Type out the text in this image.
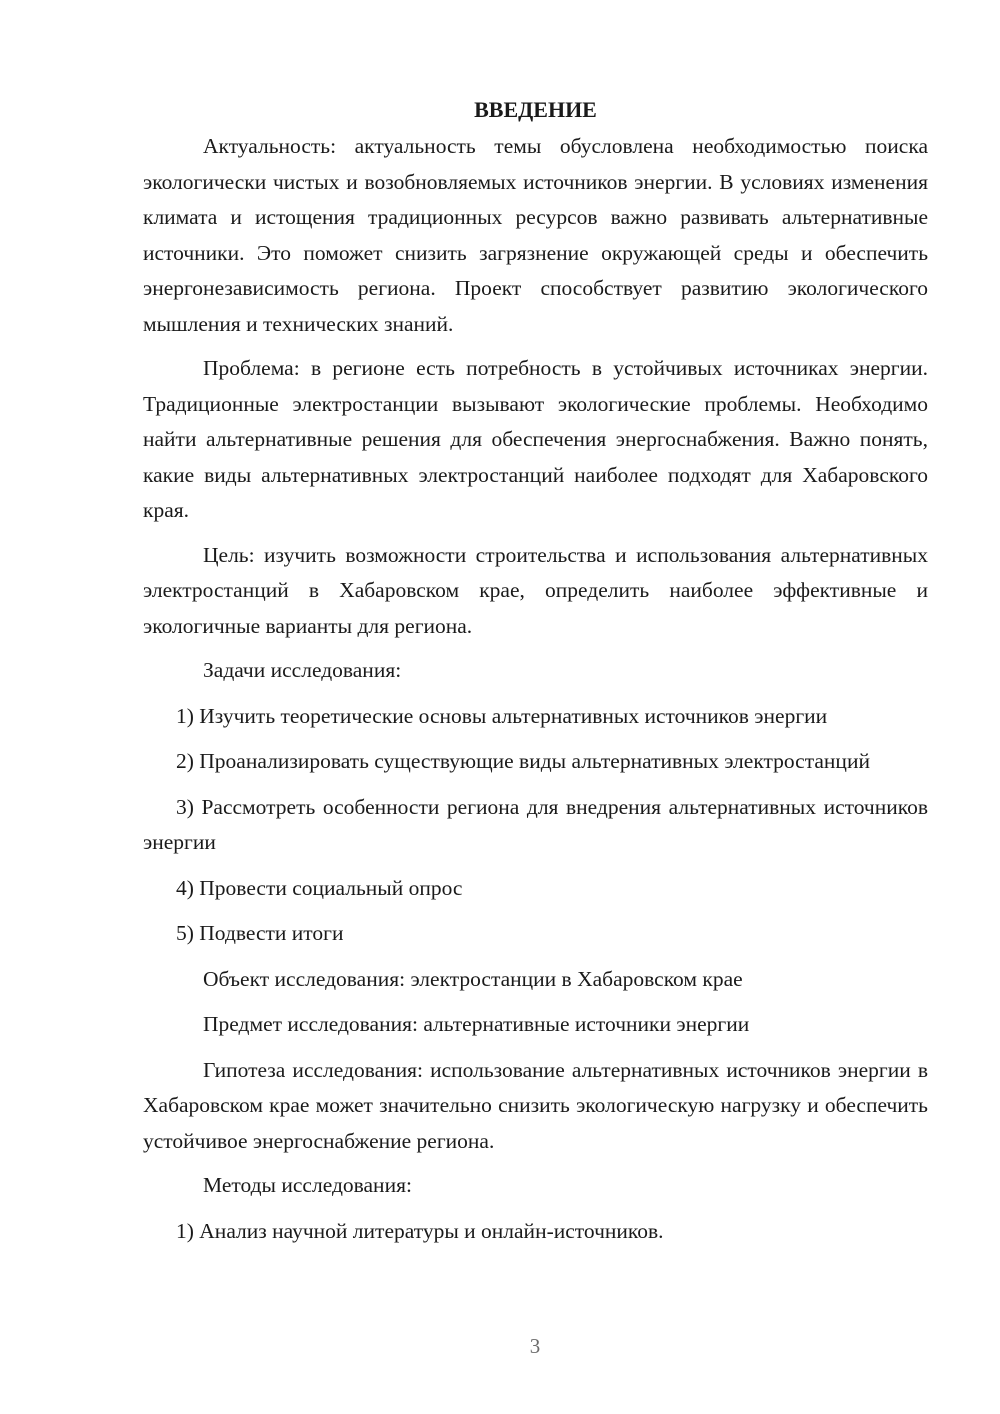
ВВЕДЕНИЕ

Актуальность: актуальность темы обусловлена необходимостью поиска экологически чистых и возобновляемых источников энергии. В условиях изменения климата и истощения традиционных ресурсов важно развивать альтернативные источники. Это поможет снизить загрязнение окружающей среды и обеспечить энергонезависимость региона. Проект способствует развитию экологического мышления и технических знаний.

Проблема: в регионе есть потребность в устойчивых источниках энергии. Традиционные электростанции вызывают экологические проблемы. Необходимо найти альтернативные решения для обеспечения энергоснабжения. Важно понять, какие виды альтернативных электростанций наиболее подходят для Хабаровского края.

Цель: изучить возможности строительства и использования альтернативных электростанций в Хабаровском крае, определить наиболее эффективные и экологичные варианты для региона.

Задачи исследования:

1) Изучить теоретические основы альтернативных источников энергии

2) Проанализировать существующие виды альтернативных электростанций

3) Рассмотреть особенности региона для внедрения альтернативных источников энергии

4) Провести социальный опрос

5) Подвести итоги

Объект исследования: электростанции в Хабаровском крае

Предмет исследования: альтернативные источники энергии

Гипотеза исследования: использование альтернативных источников энергии в Хабаровском крае может значительно снизить экологическую нагрузку и обеспечить устойчивое энергоснабжение региона.

Методы исследования:

1) Анализ научной литературы и онлайн-источников.

3
